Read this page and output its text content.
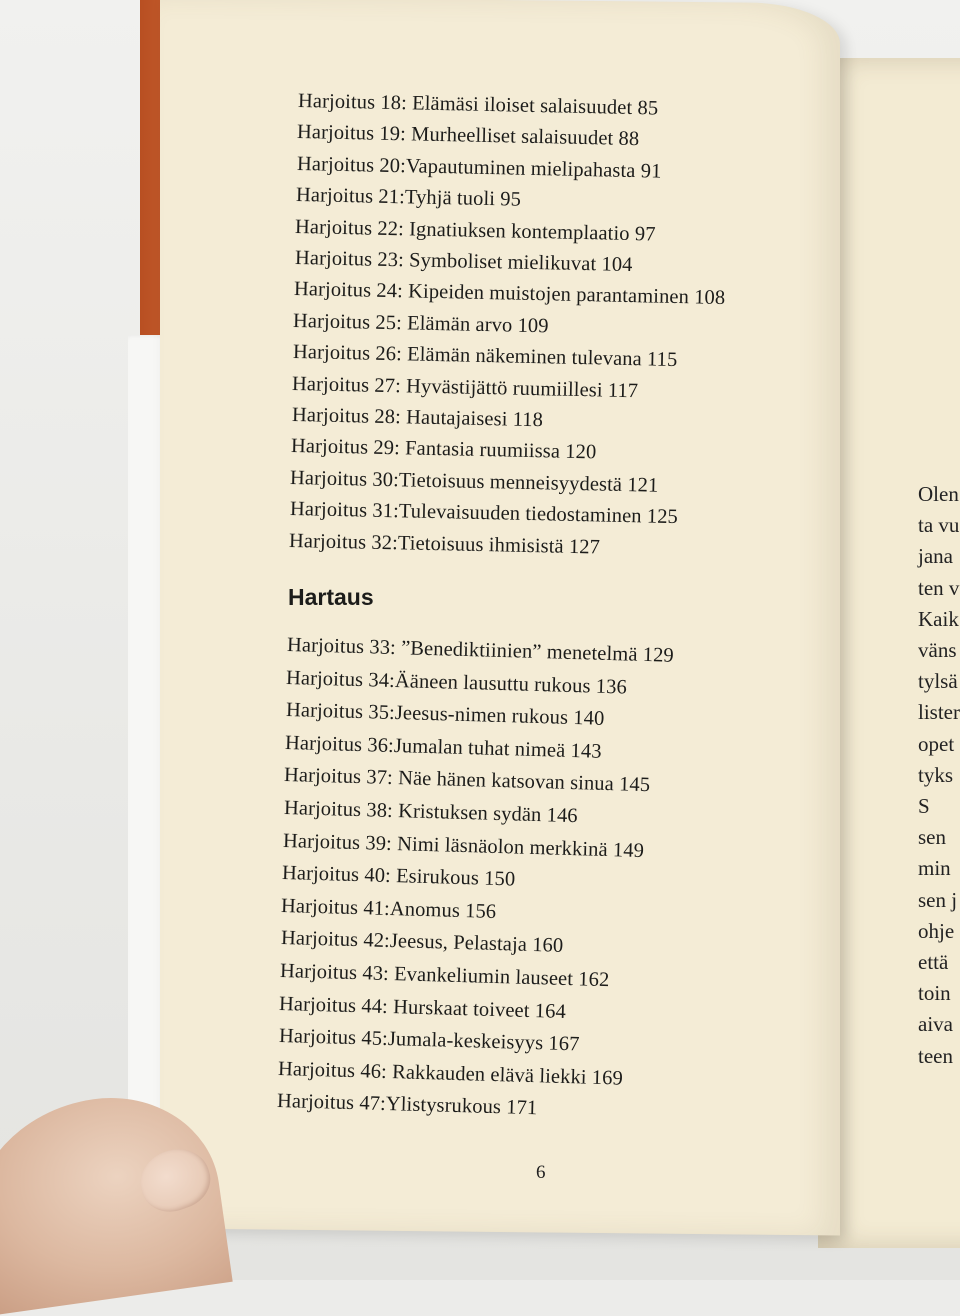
Olen
ta vu
jana
ten v
Kaik
väns
tylsä
lister
opet
tyks
S
sen
min
sen j
ohje
että
toin
aiva
teen
Harjoitus 18: Elämäsi iloiset salaisuudet 85
Harjoitus 19: Murheelliset salaisuudet 88
Harjoitus 20:Vapautuminen mielipahasta 91
Harjoitus 21:Tyhjä tuoli 95
Harjoitus 22: Ignatiuksen kontemplaatio 97
Harjoitus 23: Symboliset mielikuvat 104
Harjoitus 24: Kipeiden muistojen parantaminen 108
Harjoitus 25: Elämän arvo 109
Harjoitus 26: Elämän näkeminen tulevana 115
Harjoitus 27: Hyvästijättö ruumiillesi 117
Harjoitus 28: Hautajaisesi 118
Harjoitus 29: Fantasia ruumiissa 120
Harjoitus 30:Tietoisuus menneisyydestä 121
Harjoitus 31:Tulevaisuuden tiedostaminen 125
Harjoitus 32:Tietoisuus ihmisistä 127
Hartaus
Harjoitus 33: ”Benediktiinien” menetelmä 129
Harjoitus 34:Ääneen lausuttu rukous 136
Harjoitus 35:Jeesus-nimen rukous 140
Harjoitus 36:Jumalan tuhat nimeä 143
Harjoitus 37: Näe hänen katsovan sinua 145
Harjoitus 38: Kristuksen sydän 146
Harjoitus 39: Nimi läsnäolon merkkinä 149
Harjoitus 40: Esirukous 150
Harjoitus 41:Anomus 156
Harjoitus 42:Jeesus, Pelastaja 160
Harjoitus 43: Evankeliumin lauseet 162
Harjoitus 44: Hurskaat toiveet 164
Harjoitus 45:Jumala-keskeisyys 167
Harjoitus 46: Rakkauden elävä liekki 169
Harjoitus 47:Ylistysrukous 171
6
